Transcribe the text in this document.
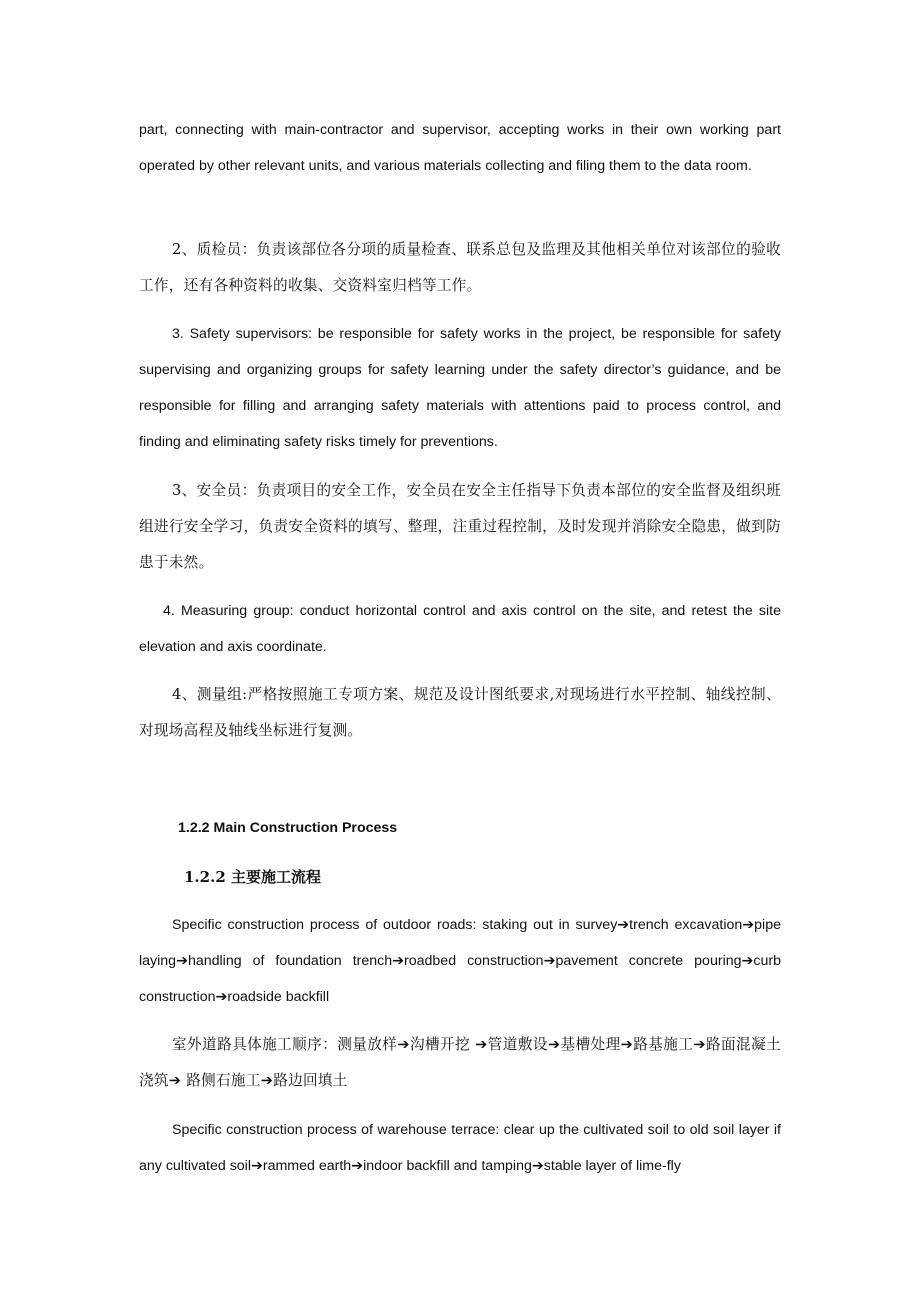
part, connecting with main-contractor and supervisor, accepting works in their own working part operated by other relevant units, and various materials collecting and filing them to the data room.

2、质检员：负责该部位各分项的质量检查、联系总包及监理及其他相关单位对该部位的验收工作，还有各种资料的收集、交资料室归档等工作。

3. Safety supervisors: be responsible for safety works in the project, be responsible for safety supervising and organizing groups for safety learning under the safety director’s guidance, and be responsible for filling and arranging safety materials with attentions paid to process control, and finding and eliminating safety risks timely for preventions.

3、安全员：负责项目的安全工作，安全员在安全主任指导下负责本部位的安全监督及组织班组进行安全学习，负责安全资料的填写、整理，注重过程控制，及时发现并消除安全隐患，做到防患于未然。

4. Measuring group: conduct horizontal control and axis control on the site, and retest the site elevation and axis coordinate.

4、测量组:严格按照施工专项方案、规范及设计图纸要求,对现场进行水平控制、轴线控制、对现场高程及轴线坐标进行复测。

1.2.2 Main Construction Process
1.2.2 主要施工流程

Specific construction process of outdoor roads: staking out in survey➔trench excavation➔pipe laying➔handling of foundation trench➔roadbed construction➔pavement concrete pouring➔curb construction➔roadside backfill

室外道路具体施工顺序：测量放样➔沟槽开挖 ➔管道敷设➔基槽处理➔路基施工➔路面混凝土浇筑➔ 路侧石施工➔路边回填土

Specific construction process of warehouse terrace: clear up the cultivated soil to old soil layer if any cultivated soil➔rammed earth➔indoor backfill and tamping➔stable layer of lime-fly
